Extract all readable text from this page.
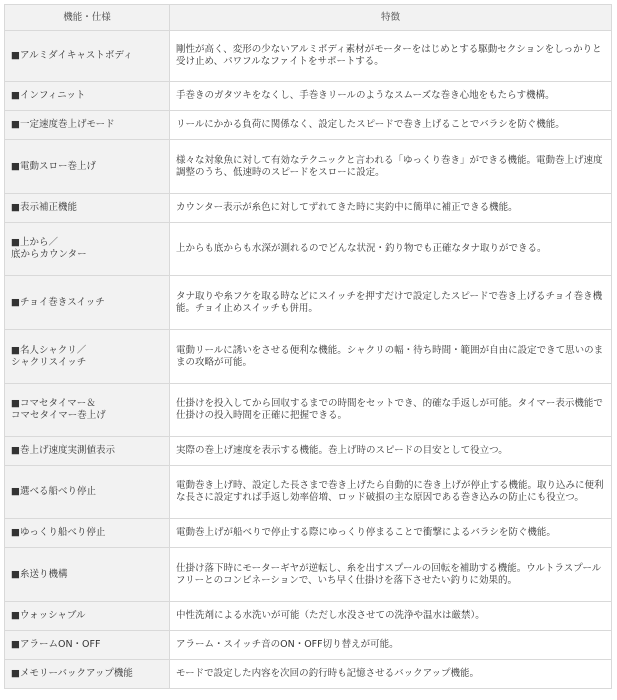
機能・仕様	特徴
■アルミダイキャストボディ	剛性が高く、変形の少ないアルミボディ素材がモーターをはじめとする駆動セクションをしっかりと受け止め、パワフルなファイトをサポートする。
■インフィニット	手巻きのガタツキをなくし、手巻きリールのようなスムーズな巻き心地をもたらす機構。
■一定速度巻上げモード	リールにかかる負荷に関係なく、設定したスピードで巻き上げることでバラシを防ぐ機能。
■電動スロー巻上げ	様々な対象魚に対して有効なテクニックと言われる「ゆっくり巻き」ができる機能。電動巻上げ速度調整のうち、低速時のスピードをスローに設定。
■表示補正機能	カウンター表示が糸色に対してずれてきた時に実釣中に簡単に補正できる機能。
■上から／
底からカウンター	上からも底からも水深が測れるのでどんな状況・釣り物でも正確なタナ取りができる。
■チョイ巻きスイッチ	タナ取りや糸フケを取る時などにスイッチを押すだけで設定したスピードで巻き上げるチョイ巻き機能。チョイ止めスイッチも併用。
■名人シャクリ／
シャクリスイッチ	電動リールに誘いをさせる便利な機能。シャクリの幅・待ち時間・範囲が自由に設定できて思いのままの攻略が可能。
■コマセタイマー＆
コマセタイマー巻上げ	仕掛けを投入してから回収するまでの時間をセットでき、的確な手返しが可能。タイマー表示機能で仕掛けの投入時間を正確に把握できる。
■巻上げ速度実測値表示	実際の巻上げ速度を表示する機能。巻上げ時のスピードの目安として役立つ。
■選べる船べり停止	電動巻き上げ時、設定した長さまで巻き上げたら自動的に巻き上げが停止する機能。取り込みに便利な長さに設定すれば手返し効率倍増、ロッド破損の主な原因である巻き込みの防止にも役立つ。
■ゆっくり船べり停止	電動巻上げが船べりで停止する際にゆっくり停まることで衝撃によるバラシを防ぐ機能。
■糸送り機構	仕掛け落下時にモーターギヤが逆転し、糸を出すスプールの回転を補助する機能。ウルトラスプールフリーとのコンビネーションで、いち早く仕掛けを落下させたい釣りに効果的。
■ウォッシャブル	中性洗剤による水洗いが可能（ただし水没させての洗浄や温水は厳禁）。
■アラームON・OFF	アラーム・スイッチ音のON・OFF切り替えが可能。
■メモリーバックアップ機能	モードで設定した内容を次回の釣行時も記憶させるバックアップ機能。
